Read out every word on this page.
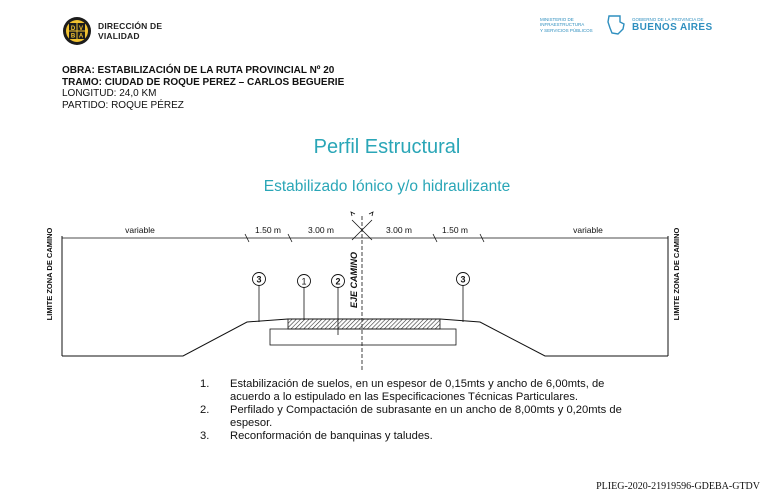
D V
B A
DIRECCIÓN DE
VIALIDAD
MINISTERIO DE INFRAESTRUCTURA
Y SERVICIOS PÚBLICOS
GOBIERNO DE LA PROVINCIA DE
BUENOS AIRES
OBRA: ESTABILIZACIÓN DE LA RUTA PROVINCIAL Nº 20
TRAMO: CIUDAD DE ROQUE PEREZ – CARLOS BEGUERIE
LONGITUD: 24,0 KM
PARTIDO: ROQUE PÉREZ
Perfil Estructural
Estabilizado Iónico y/o hidraulizante
LIMITE ZONA DE CAMINO	LIMITE ZONA DE CAMINO
variable	1.50 m	3.00 m	3.00 m	1.50 m	variable
EJE CAMINO
3	1	2	3
1.	Estabilización de suelos, en un espesor de 0,15mts y ancho de 6,00mts, de acuerdo a lo estipulado en las Especificaciones Técnicas Particulares.
2.	Perfilado y Compactación de subrasante en un ancho de 8,00mts y 0,20mts de espesor.
3.	Reconformación de banquinas y taludes.
PLIEG-2020-21919596-GDEBA-GTDV
